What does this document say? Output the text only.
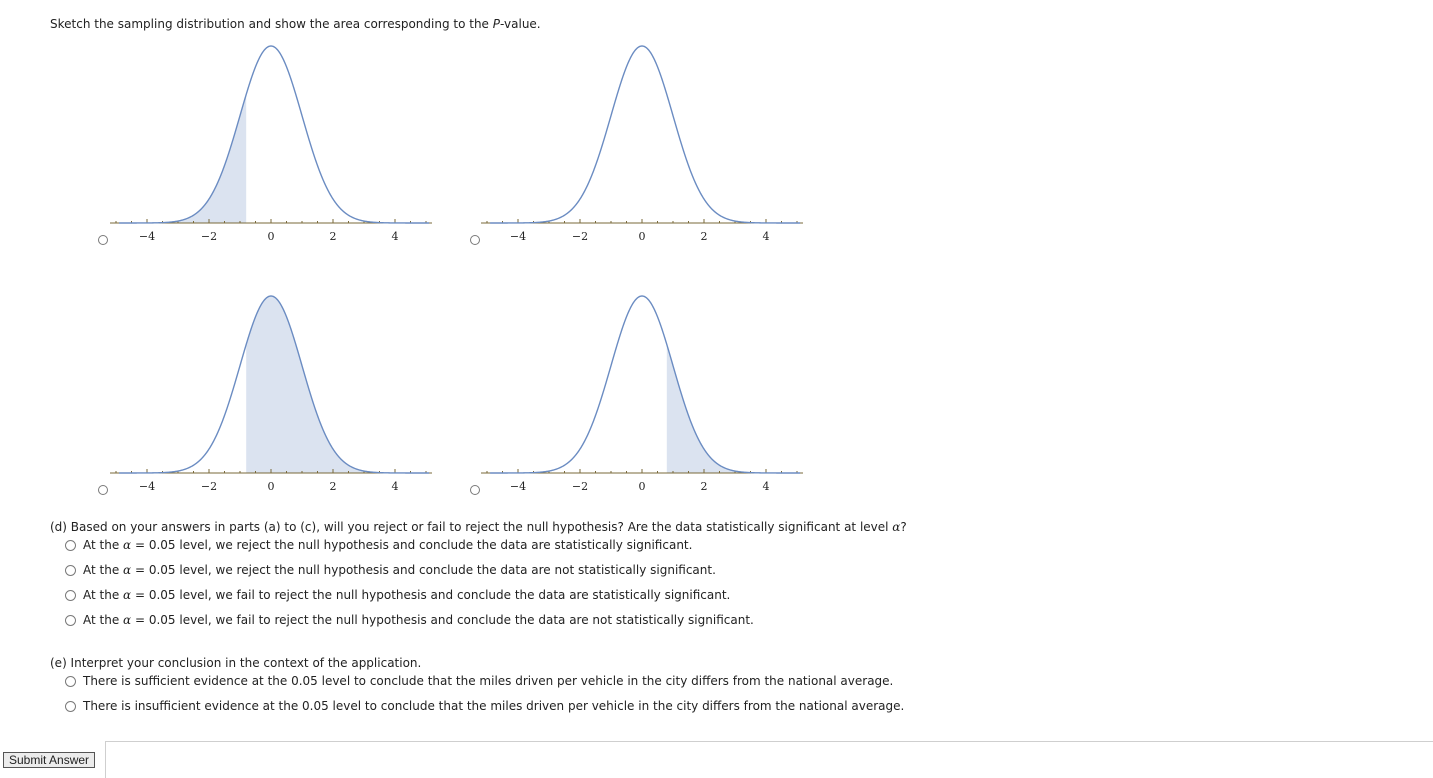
Sketch the sampling distribution and show the area corresponding to the P-value.
−4	−2	0	2	4	−4	−2	0	2	4
−4	−2	0	2	4	−4	−2	0	2	4
(d) Based on your answers in parts (a) to (c), will you reject or fail to reject the null hypothesis? Are the data statistically significant at level α?
At the α = 0.05 level, we reject the null hypothesis and conclude the data are statistically significant.
At the α = 0.05 level, we reject the null hypothesis and conclude the data are not statistically significant.
At the α = 0.05 level, we fail to reject the null hypothesis and conclude the data are statistically significant.
At the α = 0.05 level, we fail to reject the null hypothesis and conclude the data are not statistically significant.
(e) Interpret your conclusion in the context of the application.
There is sufficient evidence at the 0.05 level to conclude that the miles driven per vehicle in the city differs from the national average.
There is insufficient evidence at the 0.05 level to conclude that the miles driven per vehicle in the city differs from the national average.
Submit Answer
